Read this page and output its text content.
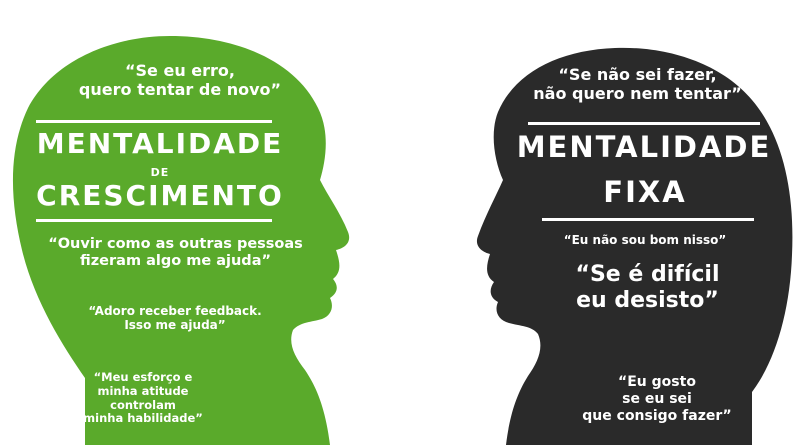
“Se eu erro,
quero tentar de novo”

MENTALIDADE

DE

CRESCIMENTO

“Ouvir como as outras pessoas
fizeram algo me ajuda”

“Adoro receber feedback.
Isso me ajuda”

“Meu esforço e
minha atitude
controlam
minha habilidade”

“Se não sei fazer,
não quero nem tentar”

MENTALIDADE

FIXA

“Eu não sou bom nisso”

“Se é difícil
eu desisto”

“Eu gosto
se eu sei
que consigo fazer”
